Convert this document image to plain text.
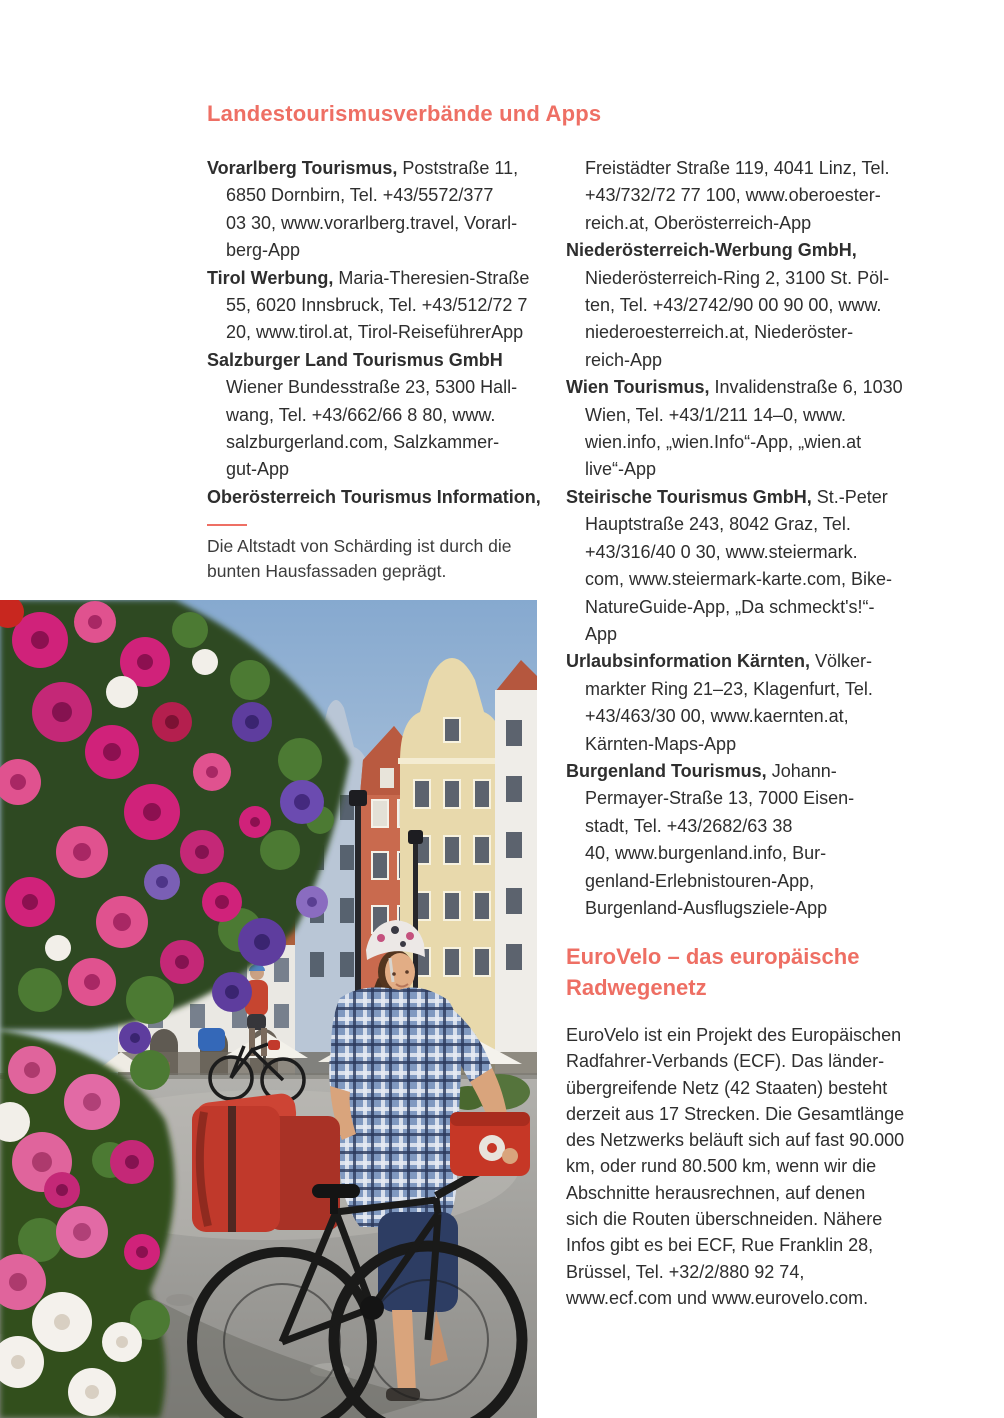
Landestourismusverbände und Apps
Vorarlberg Tourismus, Poststraße 11,
6850 Dornbirn, Tel. +43/5572/377
03 30, www.vorarlberg.travel, Vorarl-
berg-App
Tirol Werbung, Maria-Theresien-Straße
55, 6020 Innsbruck, Tel. +43/512/72 7
20, www.tirol.at, Tirol-ReiseführerApp
Salzburger Land Tourismus GmbH
Wiener Bundesstraße 23, 5300 Hall-
wang, Tel. +43/662/66 8 80, www.
salzburgerland.com, Salzkammer-
gut-App
Oberösterreich Tourismus Information,
Freistädter Straße 119, 4041 Linz, Tel.
+43/732/72 77 100, www.oberoester-
reich.at, Oberösterreich-App
Niederösterreich-Werbung GmbH,
Niederösterreich-Ring 2, 3100 St. Pöl-
ten, Tel. +43/2742/90 00 90 00, www.
niederoesterreich.at, Niederöster-
reich-App
Wien Tourismus, Invalidenstraße 6, 1030
Wien, Tel. +43/1/211 14–0, www.
wien.info, „wien.Info“-App, „wien.at
live“-App
Steirische Tourismus GmbH, St.-Peter
Hauptstraße 243, 8042 Graz, Tel.
+43/316/40 0 30, www.steiermark.
com, www.steiermark-karte.com, Bike-
NatureGuide-App, „Da schmeckt's!“-
App
Urlaubsinformation Kärnten, Völker-
markter Ring 21–23, Klagenfurt, Tel.
+43/463/30 00, www.kaernten.at,
Kärnten-Maps-App
Burgenland Tourismus, Johann-
Permayer-Straße 13, 7000 Eisen-
stadt, Tel. +43/2682/63 38
40, www.burgenland.info, Bur-
genland-Erlebnistouren-App,
Burgenland-Ausflugsziele-App
Die Altstadt von Schärding ist durch die
bunten Hausfassaden geprägt.
EuroVelo – das europäische
Radwegenetz
EuroVelo ist ein Projekt des Europäischen
Radfahrer-Verbands (ECF). Das länder-
übergreifende Netz (42 Staaten) besteht
derzeit aus 17 Strecken. Die Gesamtlänge
des Netzwerks beläuft sich auf fast 90.000
km, oder rund 80.500 km, wenn wir die
Abschnitte herausrechnen, auf denen
sich die Routen überschneiden. Nähere
Infos gibt es bei ECF, Rue Franklin 28,
Brüssel, Tel. +32/2/880 92 74,
www.ecf.com und www.eurovelo.com.
